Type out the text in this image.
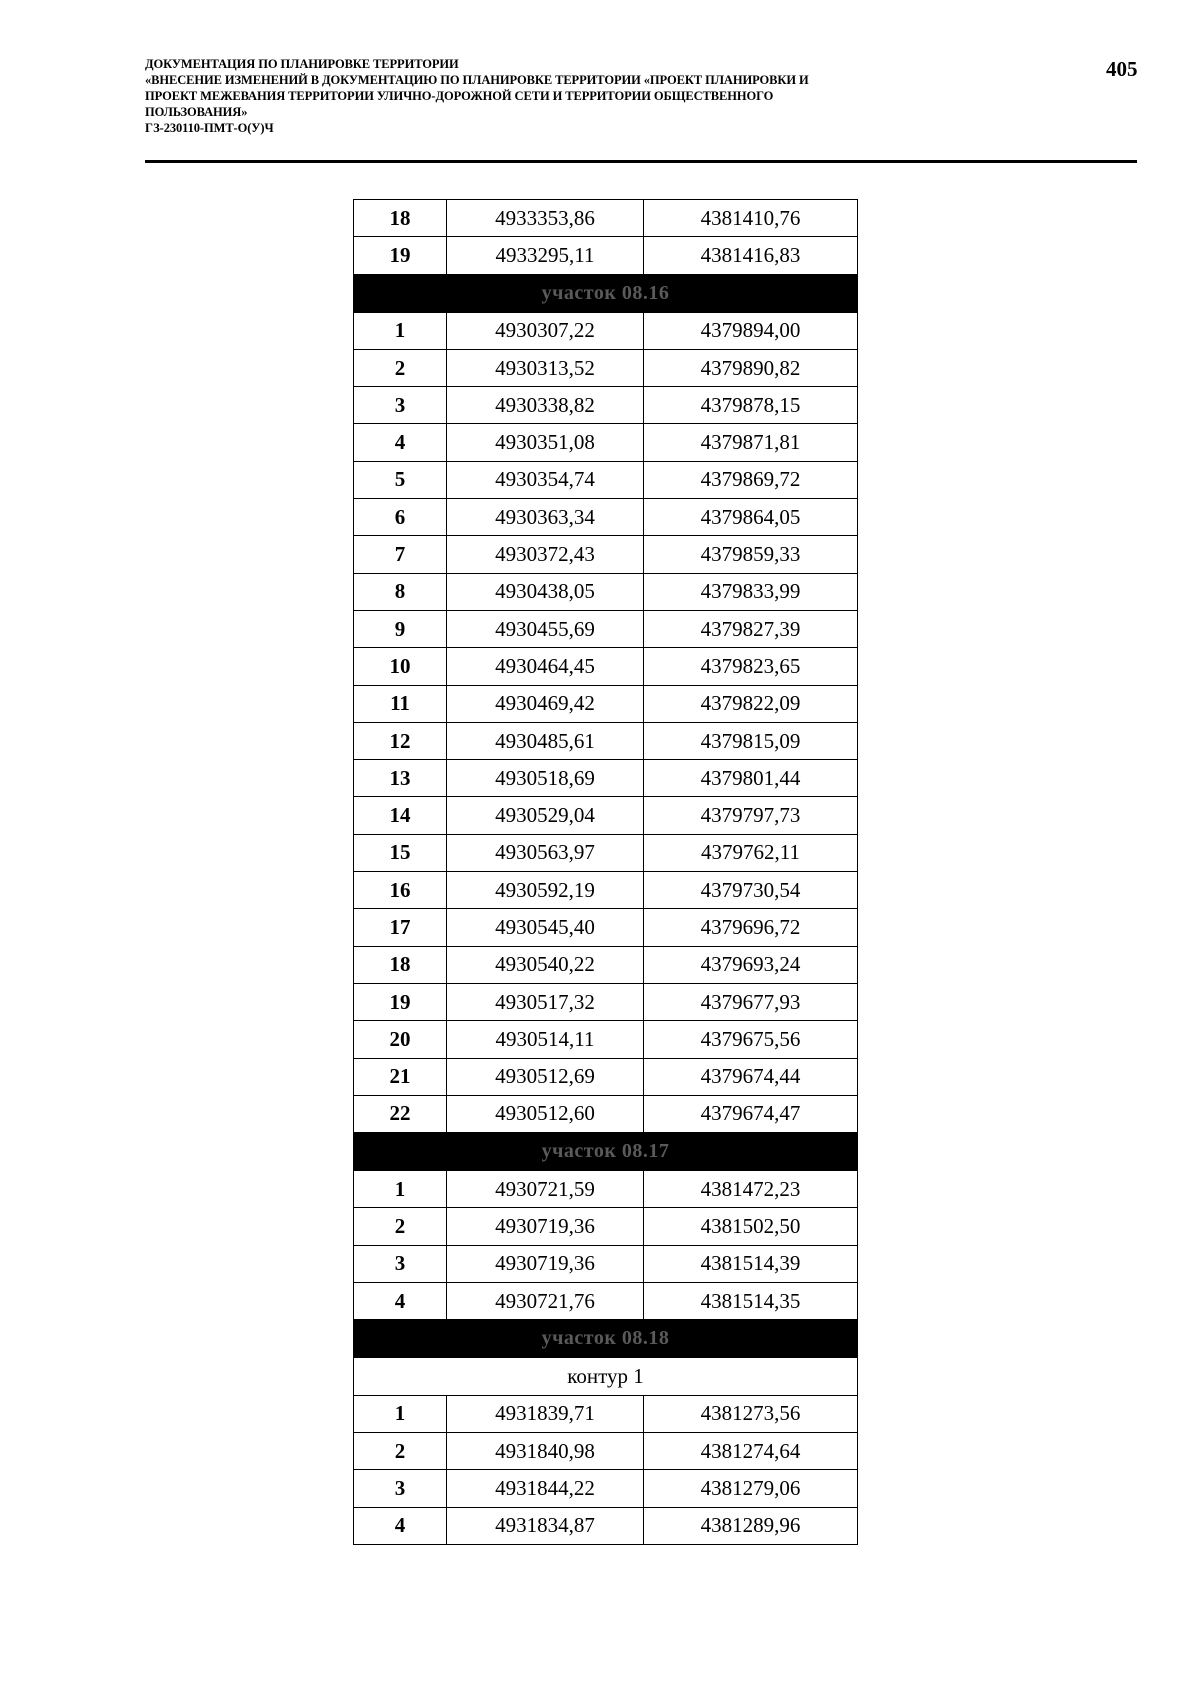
ДОКУМЕНТАЦИЯ ПО ПЛАНИРОВКЕ ТЕРРИТОРИИ
«ВНЕСЕНИЕ ИЗМЕНЕНИЙ В ДОКУМЕНТАЦИЮ ПО ПЛАНИРОВКЕ ТЕРРИТОРИИ «ПРОЕКТ ПЛАНИРОВКИ И
ПРОЕКТ МЕЖЕВАНИЯ ТЕРРИТОРИИ УЛИЧНО-ДОРОЖНОЙ СЕТИ И ТЕРРИТОРИИ ОБЩЕСТВЕННОГО
ПОЛЬЗОВАНИЯ»
ГЗ-230110-ПМТ-О(У)Ч
405
18	4933353,86	4381410,76
19	4933295,11	4381416,83
участок 08.16		
1	4930307,22	4379894,00
2	4930313,52	4379890,82
3	4930338,82	4379878,15
4	4930351,08	4379871,81
5	4930354,74	4379869,72
6	4930363,34	4379864,05
7	4930372,43	4379859,33
8	4930438,05	4379833,99
9	4930455,69	4379827,39
10	4930464,45	4379823,65
11	4930469,42	4379822,09
12	4930485,61	4379815,09
13	4930518,69	4379801,44
14	4930529,04	4379797,73
15	4930563,97	4379762,11
16	4930592,19	4379730,54
17	4930545,40	4379696,72
18	4930540,22	4379693,24
19	4930517,32	4379677,93
20	4930514,11	4379675,56
21	4930512,69	4379674,44
22	4930512,60	4379674,47
участок 08.17		
1	4930721,59	4381472,23
2	4930719,36	4381502,50
3	4930719,36	4381514,39
4	4930721,76	4381514,35
участок 08.18		
контур 1		
1	4931839,71	4381273,56
2	4931840,98	4381274,64
3	4931844,22	4381279,06
4	4931834,87	4381289,96
